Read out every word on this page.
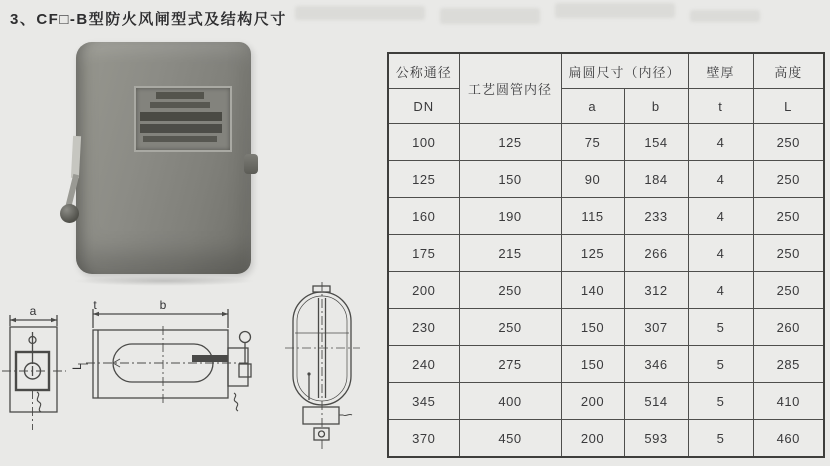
3、CF□-B型防火风闸型式及结构尺寸
a	t	b
L
公称通径	工艺圆管内径	扁圆尺寸（内径）		壁厚	高度
DN		a	b	t	L
100	125	75	154	4	250
125	150	90	184	4	250
160	190	115	233	4	250
175	215	125	266	4	250
200	250	140	312	4	250
230	250	150	307	5	260
240	275	150	346	5	285
345	400	200	514	5	410
370	450	200	593	5	460
